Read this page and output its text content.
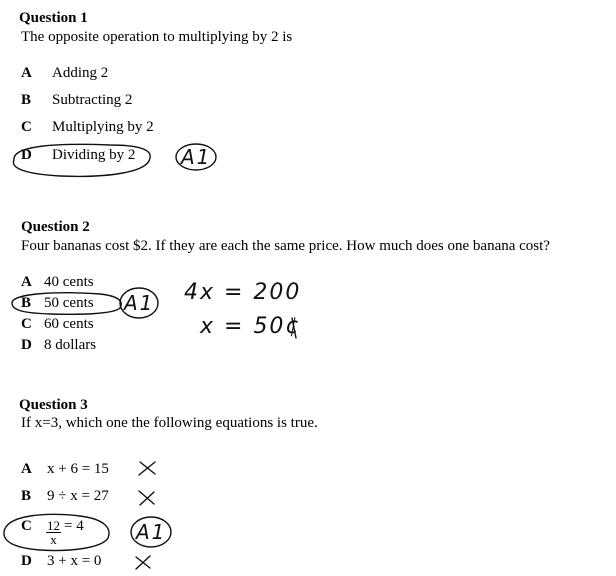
Question 1
The opposite operation to multiplying by 2 is
A Adding 2
B Subtracting 2
C Multiplying by 2
D Dividing by 2
Question 2
Four bananas cost $2. If they are each the same price. How much does one banana cost?
A 40 cents
B 50 cents
C 60 cents
D 8 dollars
Question 3
If x=3, which one the following equations is true.
A x + 6 = 15
B 9 ÷ x = 27
C $\frac{12}{x} = 4$
D 3 + x = 0
4x = 200
x = 50¢
A1
A1
A1
